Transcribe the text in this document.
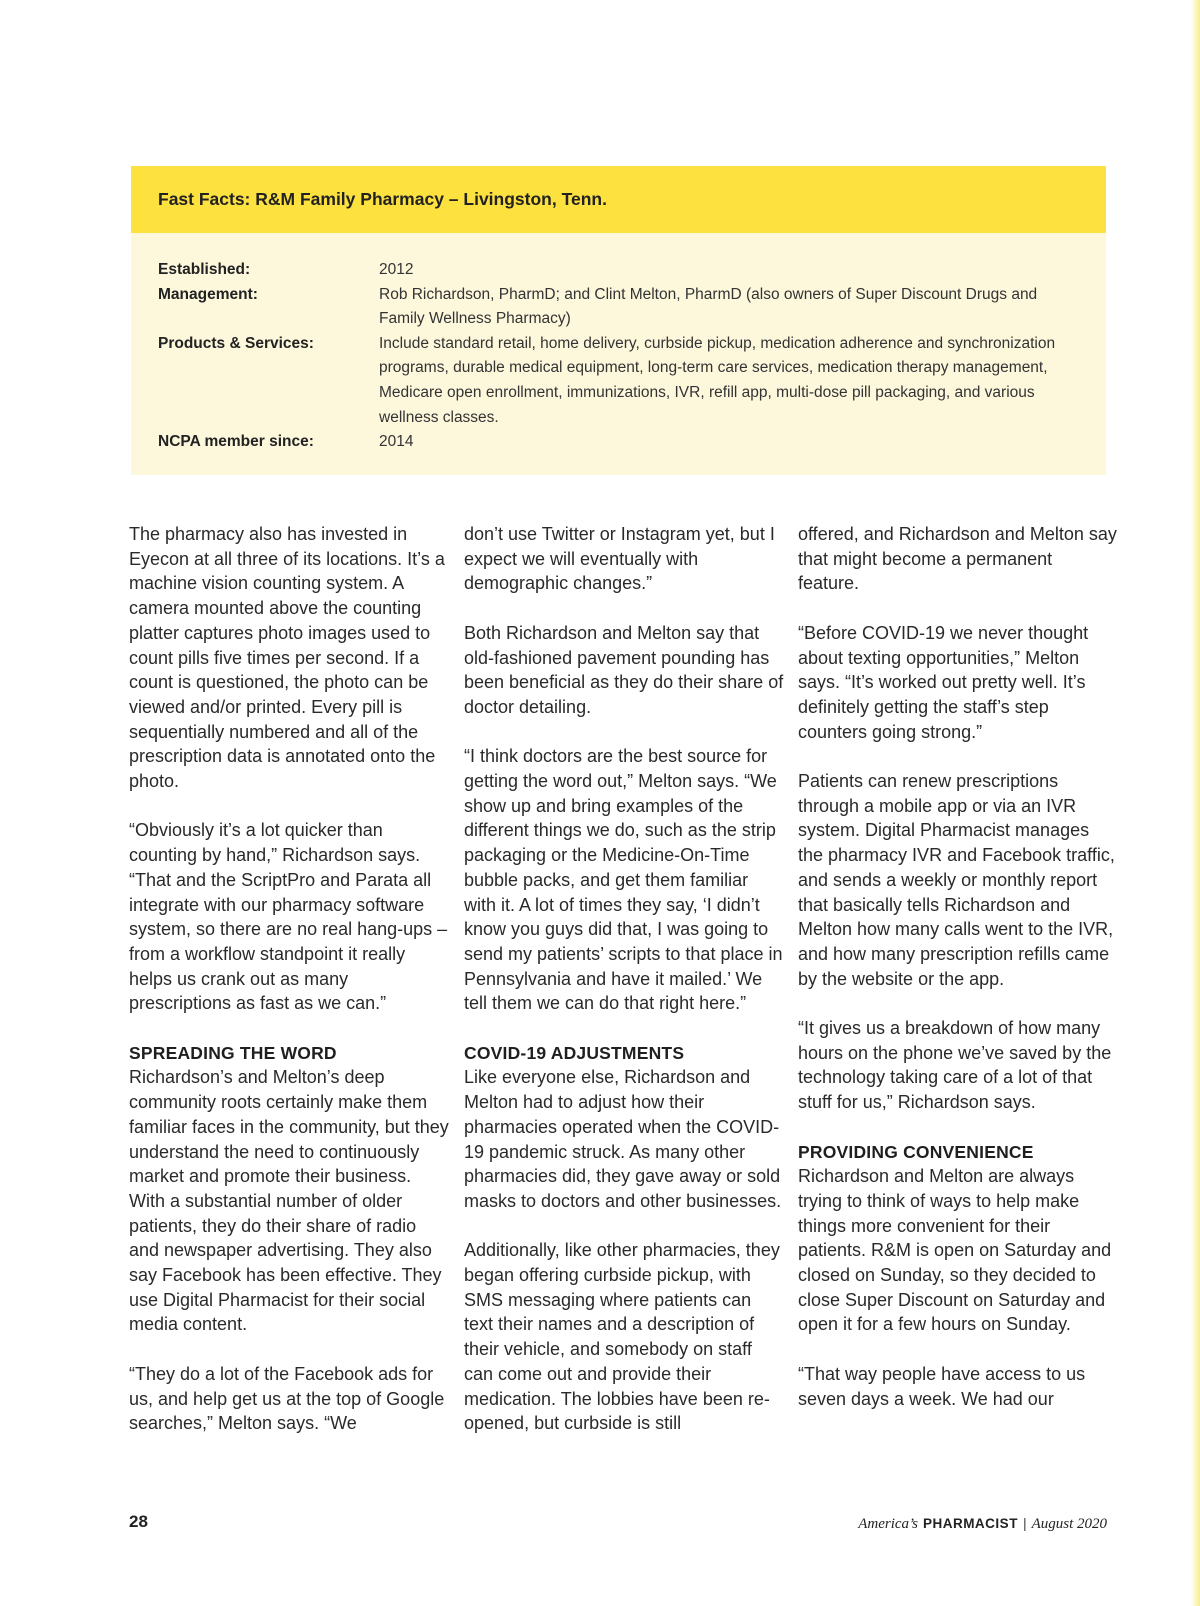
Fast Facts: R&M Family Pharmacy – Livingston, Tenn.
Established:	2012
Management:	Rob Richardson, PharmD; and Clint Melton, PharmD (also owners of Super Discount Drugs and Family Wellness Pharmacy)
Products & Services:	Include standard retail, home delivery, curbside pickup, medication adherence and synchronization programs, durable medical equipment, long-term care services, medication therapy management, Medicare open enrollment, immunizations, IVR, refill app, multi-dose pill packaging, and various wellness classes.
NCPA member since:	2014

The pharmacy also has invested in Eyecon at all three of its locations. It’s a machine vision counting system. A camera mounted above the counting platter captures photo images used to count pills five times per second. If a count is questioned, the photo can be viewed and/or printed. Every pill is sequentially numbered and all of the prescription data is annotated onto the photo.

“Obviously it’s a lot quicker than counting by hand,” Richardson says. “That and the ScriptPro and Parata all integrate with our pharmacy software system, so there are no real hang-ups – from a workflow standpoint it really helps us crank out as many prescriptions as fast as we can.”

SPREADING THE WORD

Richardson’s and Melton’s deep community roots certainly make them familiar faces in the community, but they understand the need to continuously market and promote their business. With a substantial number of older patients, they do their share of radio and newspaper advertising. They also say Facebook has been effective. They use Digital Pharmacist for their social media content.

“They do a lot of the Facebook ads for us, and help get us at the top of Google searches,” Melton says. “We

don’t use Twitter or Instagram yet, but I expect we will eventually with demographic changes.”

Both Richardson and Melton say that old-fashioned pavement pounding has been beneficial as they do their share of doctor detailing.

“I think doctors are the best source for getting the word out,” Melton says. “We show up and bring examples of the different things we do, such as the strip packaging or the Medicine-On-Time bubble packs, and get them familiar with it. A lot of times they say, ‘I didn’t know you guys did that, I was going to send my patients’ scripts to that place in Pennsylvania and have it mailed.’ We tell them we can do that right here.”

COVID-19 ADJUSTMENTS

Like everyone else, Richardson and Melton had to adjust how their pharmacies operated when the COVID-19 pandemic struck. As many other pharmacies did, they gave away or sold masks to doctors and other businesses.

Additionally, like other pharmacies, they began offering curbside pickup, with SMS messaging where patients can text their names and a description of their vehicle, and somebody on staff can come out and provide their medication. The lobbies have been re-opened, but curbside is still

offered, and Richardson and Melton say that might become a permanent feature.

“Before COVID-19 we never thought about texting opportunities,” Melton says. “It’s worked out pretty well. It’s definitely getting the staff’s step counters going strong.”

Patients can renew prescriptions through a mobile app or via an IVR system. Digital Pharmacist manages the pharmacy IVR and Facebook traffic, and sends a weekly or monthly report that basically tells Richardson and Melton how many calls went to the IVR, and how many prescription refills came by the website or the app.

“It gives us a breakdown of how many hours on the phone we’ve saved by the technology taking care of a lot of that stuff for us,” Richardson says.

PROVIDING CONVENIENCE

Richardson and Melton are always trying to think of ways to help make things more convenient for their patients. R&M is open on Saturday and closed on Sunday, so they decided to close Super Discount on Saturday and open it for a few hours on Sunday.

“That way people have access to us seven days a week. We had our

28	America’s PHARMACIST | August 2020
